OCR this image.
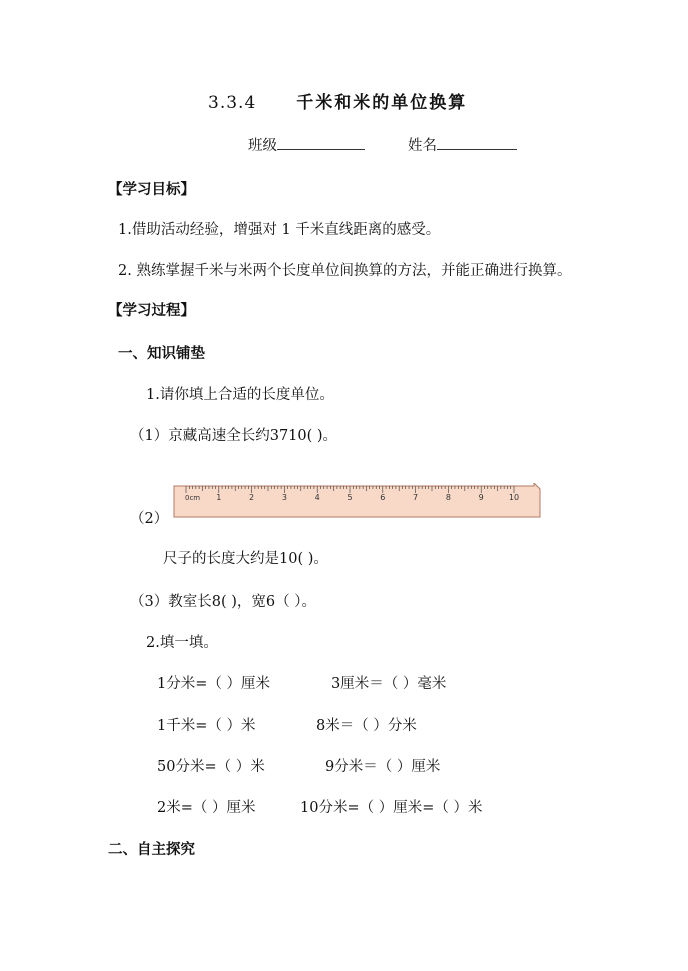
3.3.4 千米和米的单位换算
班级	姓名
【学习目标】
1.借助活动经验，增强对 1 千米直线距离的感受。
2. 熟练掌握千米与米两个长度单位间换算的方法，并能正确进行换算。
【学习过程】
一、知识铺垫
1.请你填上合适的长度单位。
（1）京藏高速全长约3710( )。
（2）
1	2	3	4	5	6	7	8	9	10
0cm
尺子的长度大约是10( )。
（3）教室长8( )，宽6（ ）。
2.填一填。
1分米=（ ）厘米	3厘米＝（ ）毫米
1千米=（ ）米	8米＝（ ）分米
50分米=（ ）米	9分米＝（ ）厘米
2米=（ ）厘米	10分米=（ ）厘米=（ ）米
二、自主探究
